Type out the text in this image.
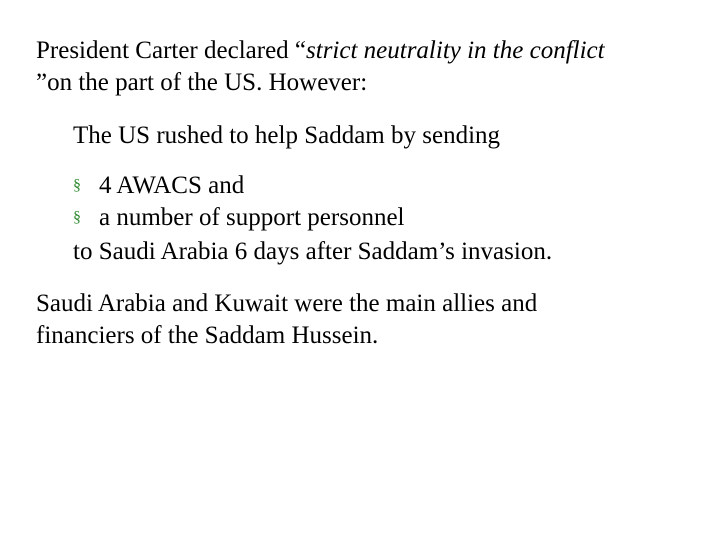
President Carter declared “strict neutrality in the conflict
”on the part of the US. However:
The US rushed to help Saddam by sending
§ 4 AWACS and
§ a number of support personnel
to Saudi Arabia 6 days after Saddam’s invasion.
Saudi Arabia and Kuwait were the main allies and
financiers of the Saddam Hussein.
